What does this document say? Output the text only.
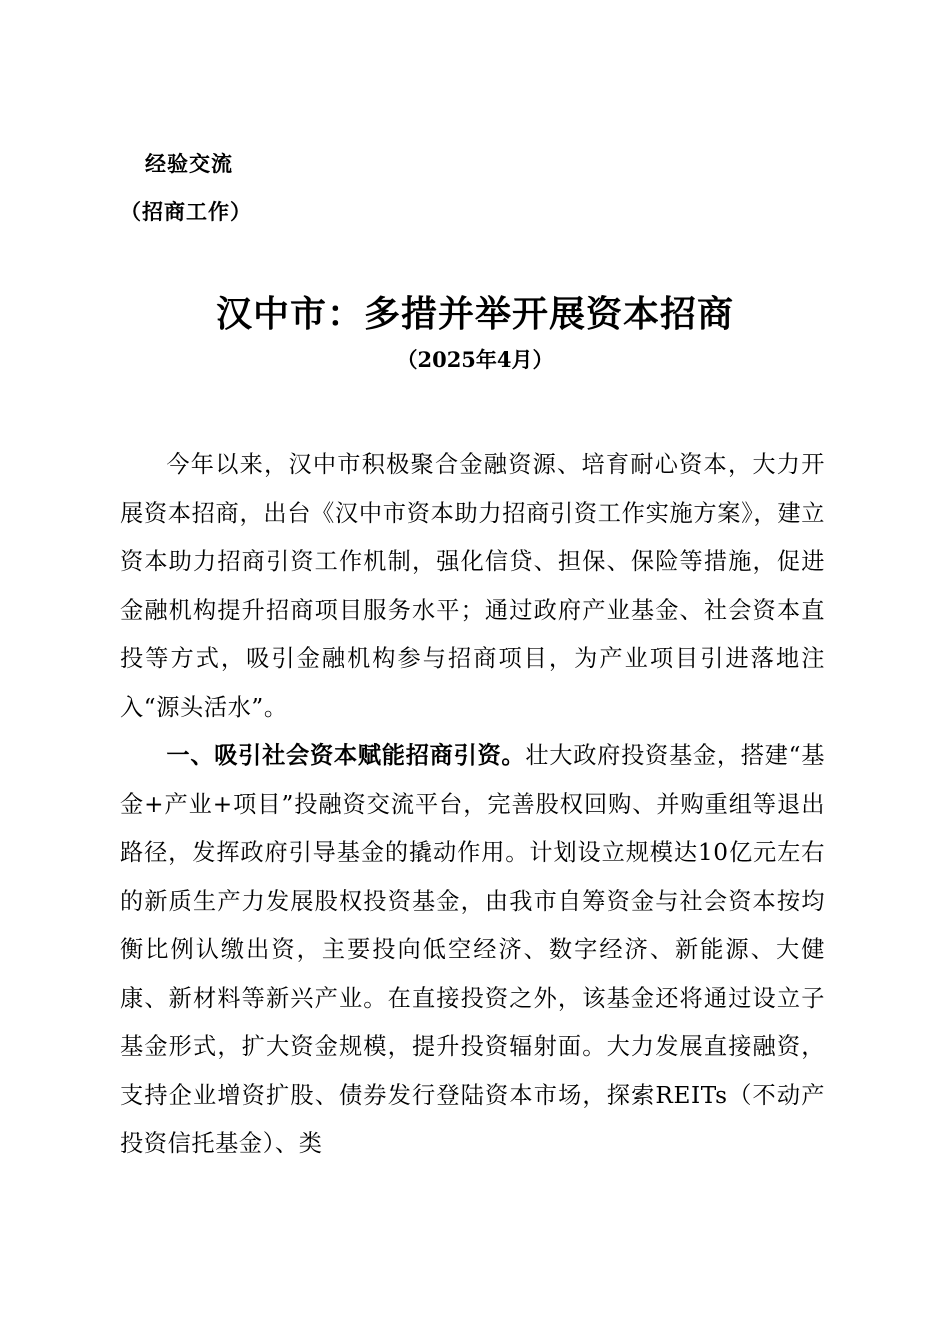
经验交流
（招商工作）
汉中市：多措并举开展资本招商
（2025年4月）

今年以来，汉中市积极聚合金融资源、培育耐心资本，大力开展资本招商，出台《汉中市资本助力招商引资工作实施方案》，建立资本助力招商引资工作机制，强化信贷、担保、保险等措施，促进金融机构提升招商项目服务水平；通过政府产业基金、社会资本直投等方式，吸引金融机构参与招商项目，为产业项目引进落地注入“源头活水”。

一、吸引社会资本赋能招商引资。壮大政府投资基金，搭建“基金+产业+项目”投融资交流平台，完善股权回购、并购重组等退出路径，发挥政府引导基金的撬动作用。计划设立规模达10亿元左右的新质生产力发展股权投资基金，由我市自筹资金与社会资本按均衡比例认缴出资，主要投向低空经济、数字经济、新能源、大健康、新材料等新兴产业。在直接投资之外，该基金还将通过设立子基金形式，扩大资金规模，提升投资辐射面。大力发展直接融资，支持企业增资扩股、债券发行登陆资本市场，探索REITs（不动产投资信托基金）、类
